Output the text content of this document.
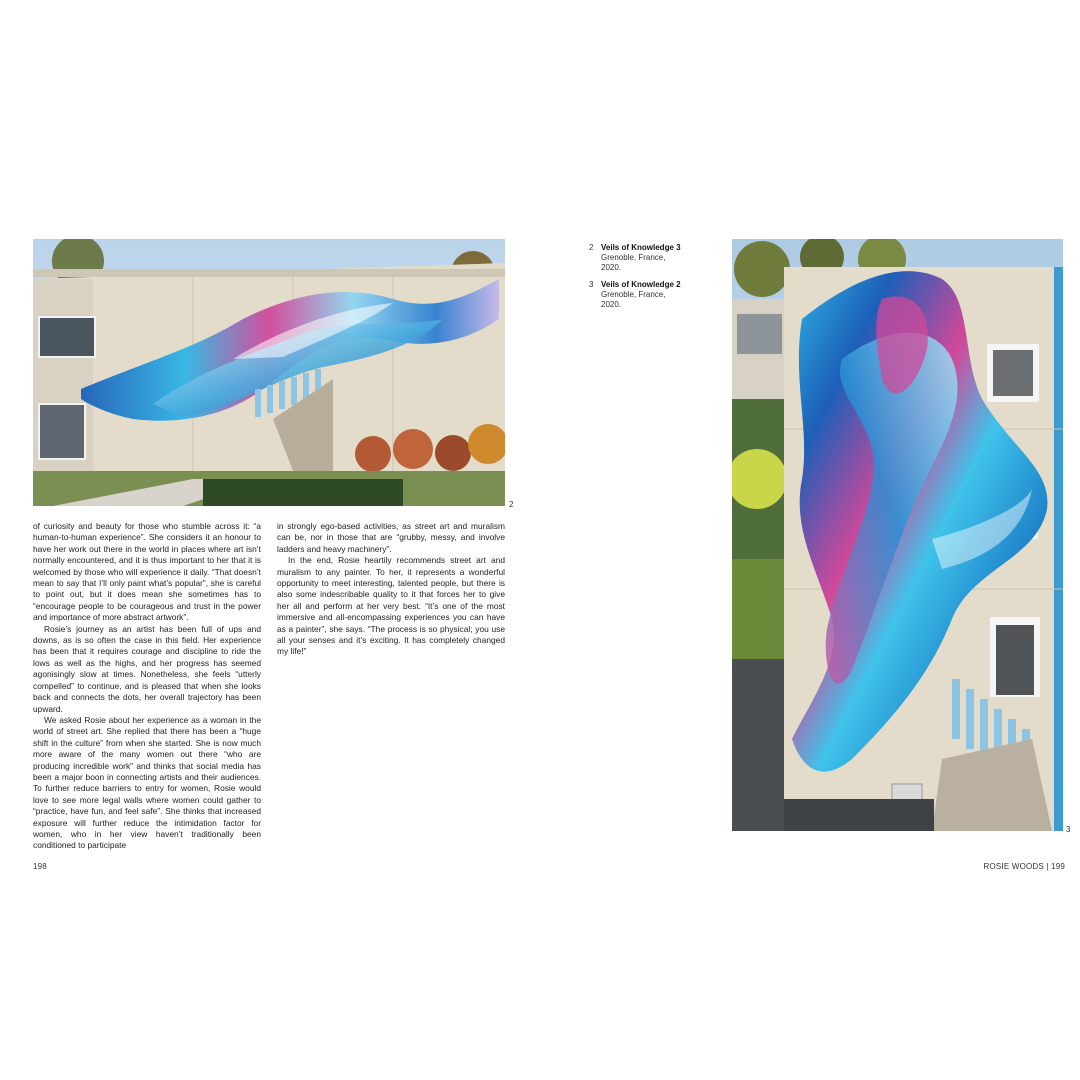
2
3

of curiosity and beauty for those who stumble across it: “a human-to-human experience”. She considers it an honour to have her work out there in the world in places where art isn’t normally encountered, and it is thus important to her that it is welcomed by those who will experience it daily. “That doesn’t mean to say that I’ll only paint what’s popular”, she is careful to point out, but it does mean she sometimes has to “encourage people to be courageous and trust in the power and importance of more abstract artwork”.

Rosie’s journey as an artist has been full of ups and downs, as is so often the case in this field. Her experience has been that it requires courage and discipline to ride the lows as well as the highs, and her progress has seemed agonisingly slow at times. Nonetheless, she feels “utterly compelled” to continue, and is pleased that when she looks back and connects the dots, her overall trajectory has been upward.

We asked Rosie about her experience as a woman in the world of street art. She replied that there has been a “huge shift in the culture” from when she started. She is now much more aware of the many women out there “who are producing incredible work” and thinks that social media has been a major boon in connecting artists and their audiences. To further reduce barriers to entry for women, Rosie would love to see more legal walls where women could gather to “practice, have fun, and feel safe”. She thinks that increased exposure will further reduce the intimidation factor for women, who in her view haven’t traditionally been conditioned to participate

in strongly ego-based activities, as street art and muralism can be, nor in those that are “grubby, messy, and involve ladders and heavy machinery”.

In the end, Rosie heartily recommends street art and muralism to any painter. To her, it represents a wonderful opportunity to meet interesting, talented people, but there is also some indescribable quality to it that forces her to give her all and perform at her very best. “It’s one of the most immersive and all-encompassing experiences you can have as a painter”, she says. “The process is so physical; you use all your senses and it’s exciting. It has completely changed my life!”

2 Veils of Knowledge 3
Grenoble, France,
2020.
3 Veils of Knowledge 2
Grenoble, France,
2020.
198	ROSIE WOODS | 199
